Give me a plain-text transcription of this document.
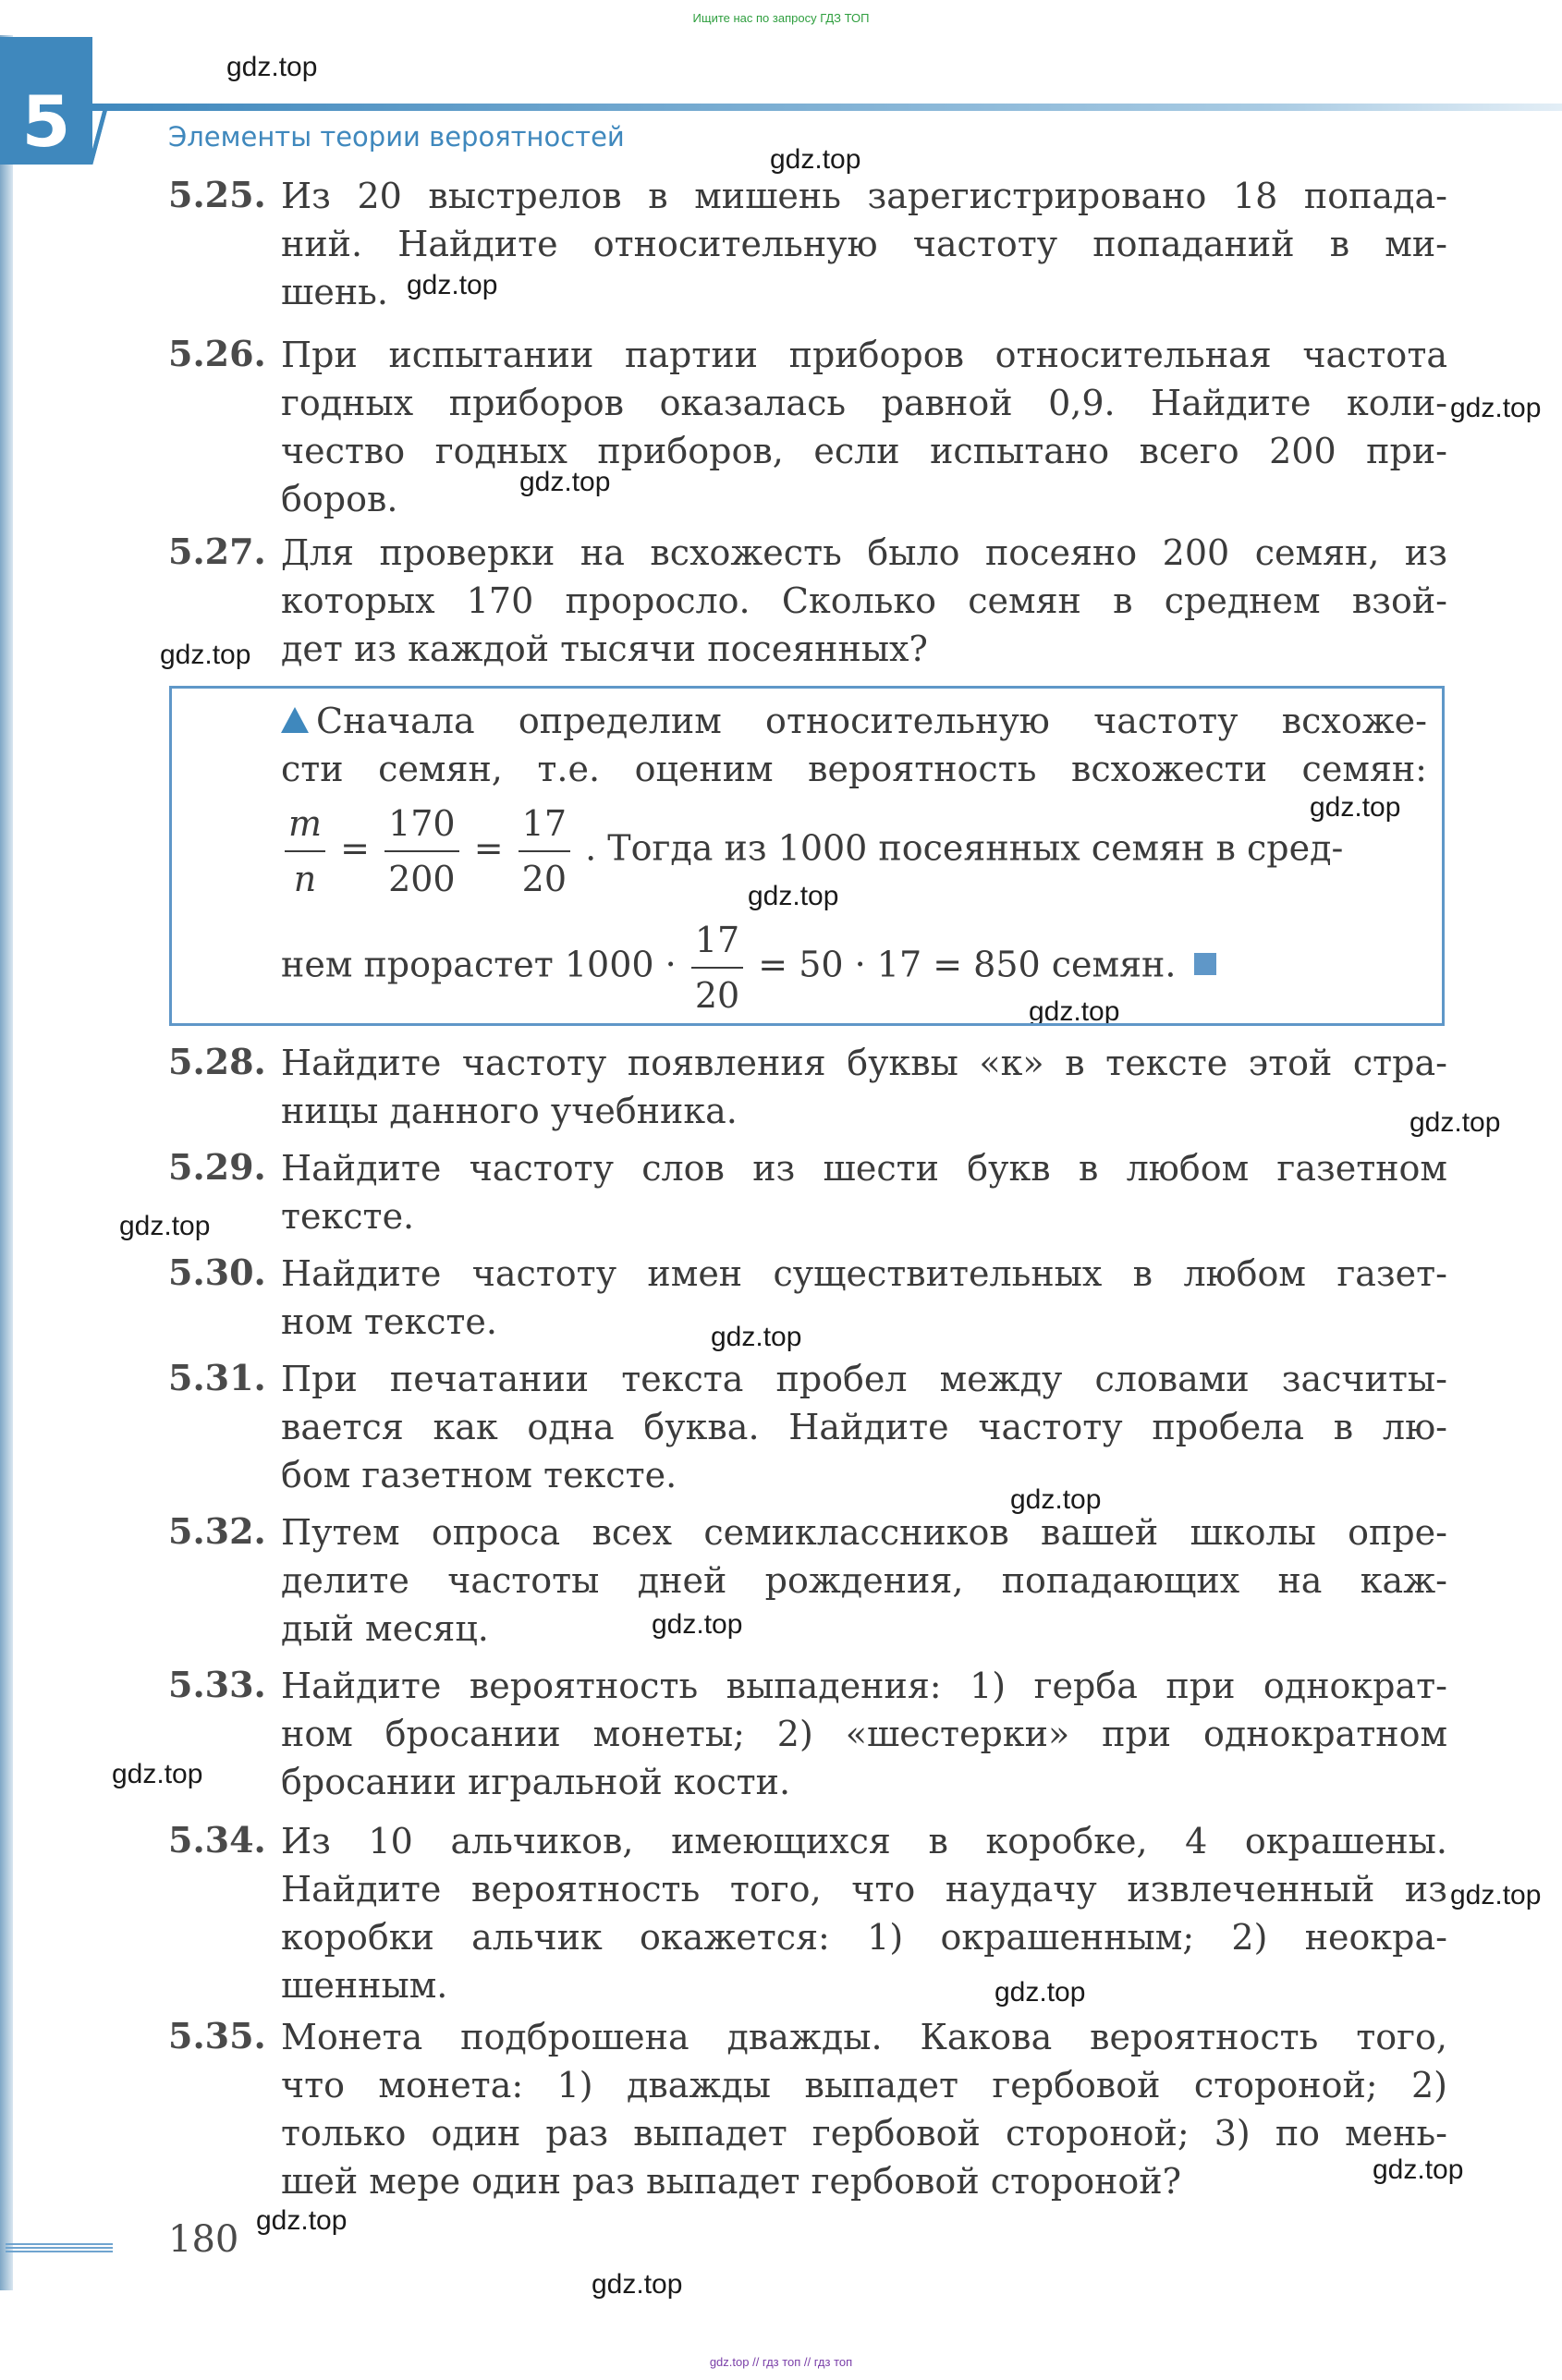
Ищите нас по запросу ГДЗ ТОП
5	Элементы теории вероятностей
gdz.top
gdz.top
gdz.top
gdz.top
gdz.top
gdz.top
gdz.top
gdz.top
gdz.top
gdz.top
gdz.top
gdz.top
gdz.top
gdz.top
gdz.top
gdz.top
gdz.top
gdz.top
gdz.top
gdz.top
5.25. Из 20 выстрелов в мишень зарегистрировано 18 попада-
ний. Найдите относительную частоту попаданий в ми-
шень.
5.26. При испытании партии приборов относительная частота
годных приборов оказалась равной 0,9. Найдите коли-
чество годных приборов, если испытано всего 200 при-
боров.
5.27. Для проверки на всхожесть было посеяно 200 семян, из
которых 170 проросло. Сколько семян в среднем взой-
дет из каждой тысячи посеянных?
Сначала определим относительную частоту всхоже-
сти семян, т.е. оценим вероятность всхожести семян:
$\frac{m}{n} = \frac{170}{200} = \frac{17}{20}$ . Тогда из 1000 посеянных семян в сред-
нем прорастет $1000 \cdot \frac{17}{20} = 50 \cdot 17 = 850$ семян.
5.28. Найдите частоту появления буквы «к» в тексте этой стра-
ницы данного учебника.
5.29. Найдите частоту слов из шести букв в любом газетном
тексте.
5.30. Найдите частоту имен существительных в любом газет-
ном тексте.
5.31. При печатании текста пробел между словами засчиты-
вается как одна буква. Найдите частоту пробела в лю-
бом газетном тексте.
5.32. Путем опроса всех семиклассников вашей школы опре-
делите частоты дней рождения, попадающих на каж-
дый месяц.
5.33. Найдите вероятность выпадения: 1) герба при однократ-
ном бросании монеты; 2) «шестерки» при однократном
бросании игральной кости.
5.34. Из 10 альчиков, имеющихся в коробке, 4 окрашены.
Найдите вероятность того, что наудачу извлеченный из
коробки альчик окажется: 1) окрашенным; 2) неокра-
шенным.
5.35. Монета подброшена дважды. Какова вероятность того,
что монета: 1) дважды выпадет гербовой стороной; 2)
только один раз выпадет гербовой стороной; 3) по мень-
шей мере один раз выпадет гербовой стороной?
180
gdz.top // гдз топ // гдз топ
